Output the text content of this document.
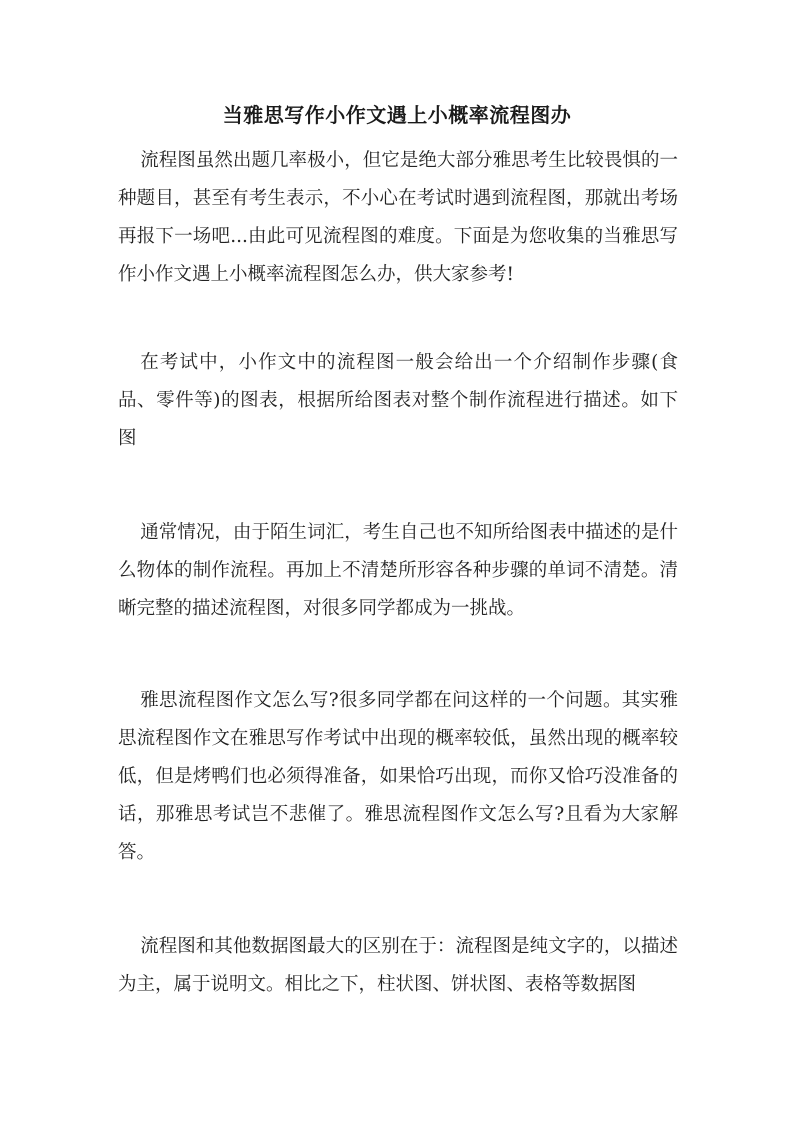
当雅思写作小作文遇上小概率流程图办

流程图虽然出题几率极小，但它是绝大部分雅思考生比较畏惧的一种题目，甚至有考生表示，不小心在考试时遇到流程图，那就出考场再报下一场吧...由此可见流程图的难度。下面是为您收集的当雅思写作小作文遇上小概率流程图怎么办，供大家参考!

在考试中，小作文中的流程图一般会给出一个介绍制作步骤(食品、零件等)的图表，根据所给图表对整个制作流程进行描述。如下图

通常情况，由于陌生词汇，考生自己也不知所给图表中描述的是什么物体的制作流程。再加上不清楚所形容各种步骤的单词不清楚。清晰完整的描述流程图，对很多同学都成为一挑战。

雅思流程图作文怎么写?很多同学都在问这样的一个问题。其实雅思流程图作文在雅思写作考试中出现的概率较低，虽然出现的概率较低，但是烤鸭们也必须得准备，如果恰巧出现，而你又恰巧没准备的话，那雅思考试岂不悲催了。雅思流程图作文怎么写?且看为大家解答。

流程图和其他数据图最大的区别在于：流程图是纯文字的，以描述为主，属于说明文。相比之下，柱状图、饼状图、表格等数据图
